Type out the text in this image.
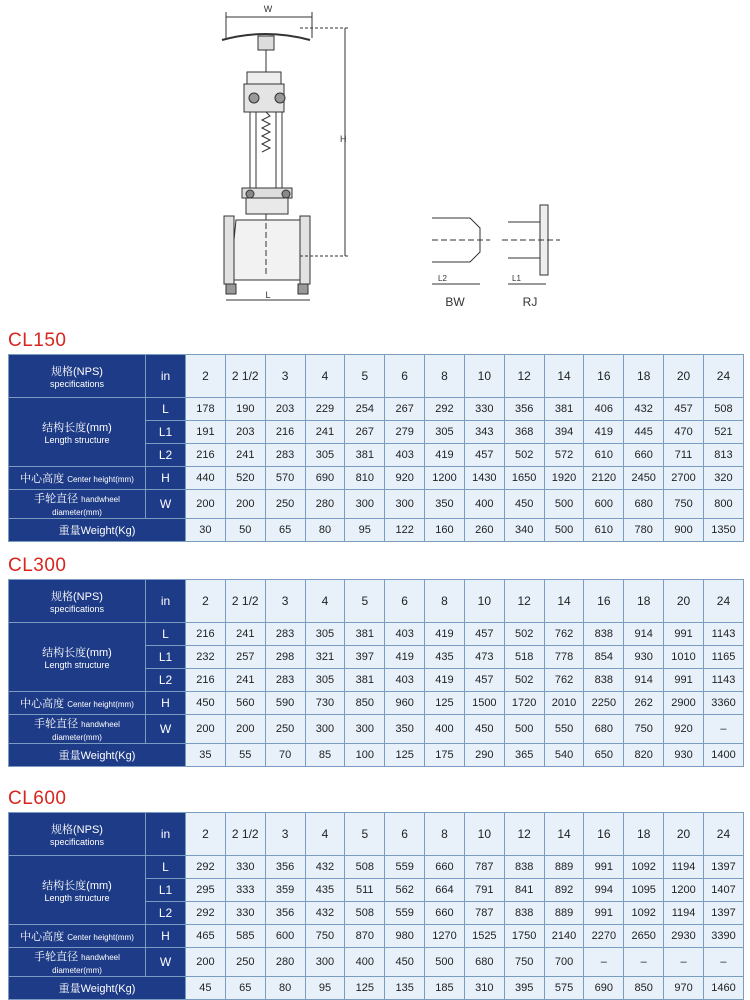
W
H
L
L2	L1
BW	RJ
CL150
规格(NPS)
specifications	in	2	2 1/2	3	4	5	6	8	10	12	14	16	18	20	24
结构长度(mm)
Length structure	L	178	190	203	229	254	267	292	330	356	381	406	432	457	508
	L1	191	203	216	241	267	279	305	343	368	394	419	445	470	521
	L2	216	241	283	305	381	403	419	457	502	572	610	660	711	813
中心高度 Center height(mm)	H	440	520	570	690	810	920	1200	1430	1650	1920	2120	2450	2700	320
手轮直径 handwheel diameter(mm)	W	200	200	250	280	300	300	350	400	450	500	600	680	750	800
重量Weight(Kg)		30	50	65	80	95	122	160	260	340	500	610	780	900	1350
CL300
规格(NPS)
specifications	in	2	2 1/2	3	4	5	6	8	10	12	14	16	18	20	24
结构长度(mm)
Length structure	L	216	241	283	305	381	403	419	457	502	762	838	914	991	1143
	L1	232	257	298	321	397	419	435	473	518	778	854	930	1010	1165
	L2	216	241	283	305	381	403	419	457	502	762	838	914	991	1143
中心高度 Center height(mm)	H	450	560	590	730	850	960	125	1500	1720	2010	2250	262	2900	3360
手轮直径 handwheel diameter(mm)	W	200	200	250	300	300	350	400	450	500	550	680	750	920	–
重量Weight(Kg)		35	55	70	85	100	125	175	290	365	540	650	820	930	1400
CL600
规格(NPS)
specifications	in	2	2 1/2	3	4	5	6	8	10	12	14	16	18	20	24
结构长度(mm)
Length structure	L	292	330	356	432	508	559	660	787	838	889	991	1092	1194	1397
	L1	295	333	359	435	511	562	664	791	841	892	994	1095	1200	1407
	L2	292	330	356	432	508	559	660	787	838	889	991	1092	1194	1397
中心高度 Center height(mm)	H	465	585	600	750	870	980	1270	1525	1750	2140	2270	2650	2930	3390
手轮直径 handwheel diameter(mm)	W	200	250	280	300	400	450	500	680	750	700	–	–	–	–
重量Weight(Kg)		45	65	80	95	125	135	185	310	395	575	690	850	970	1460
